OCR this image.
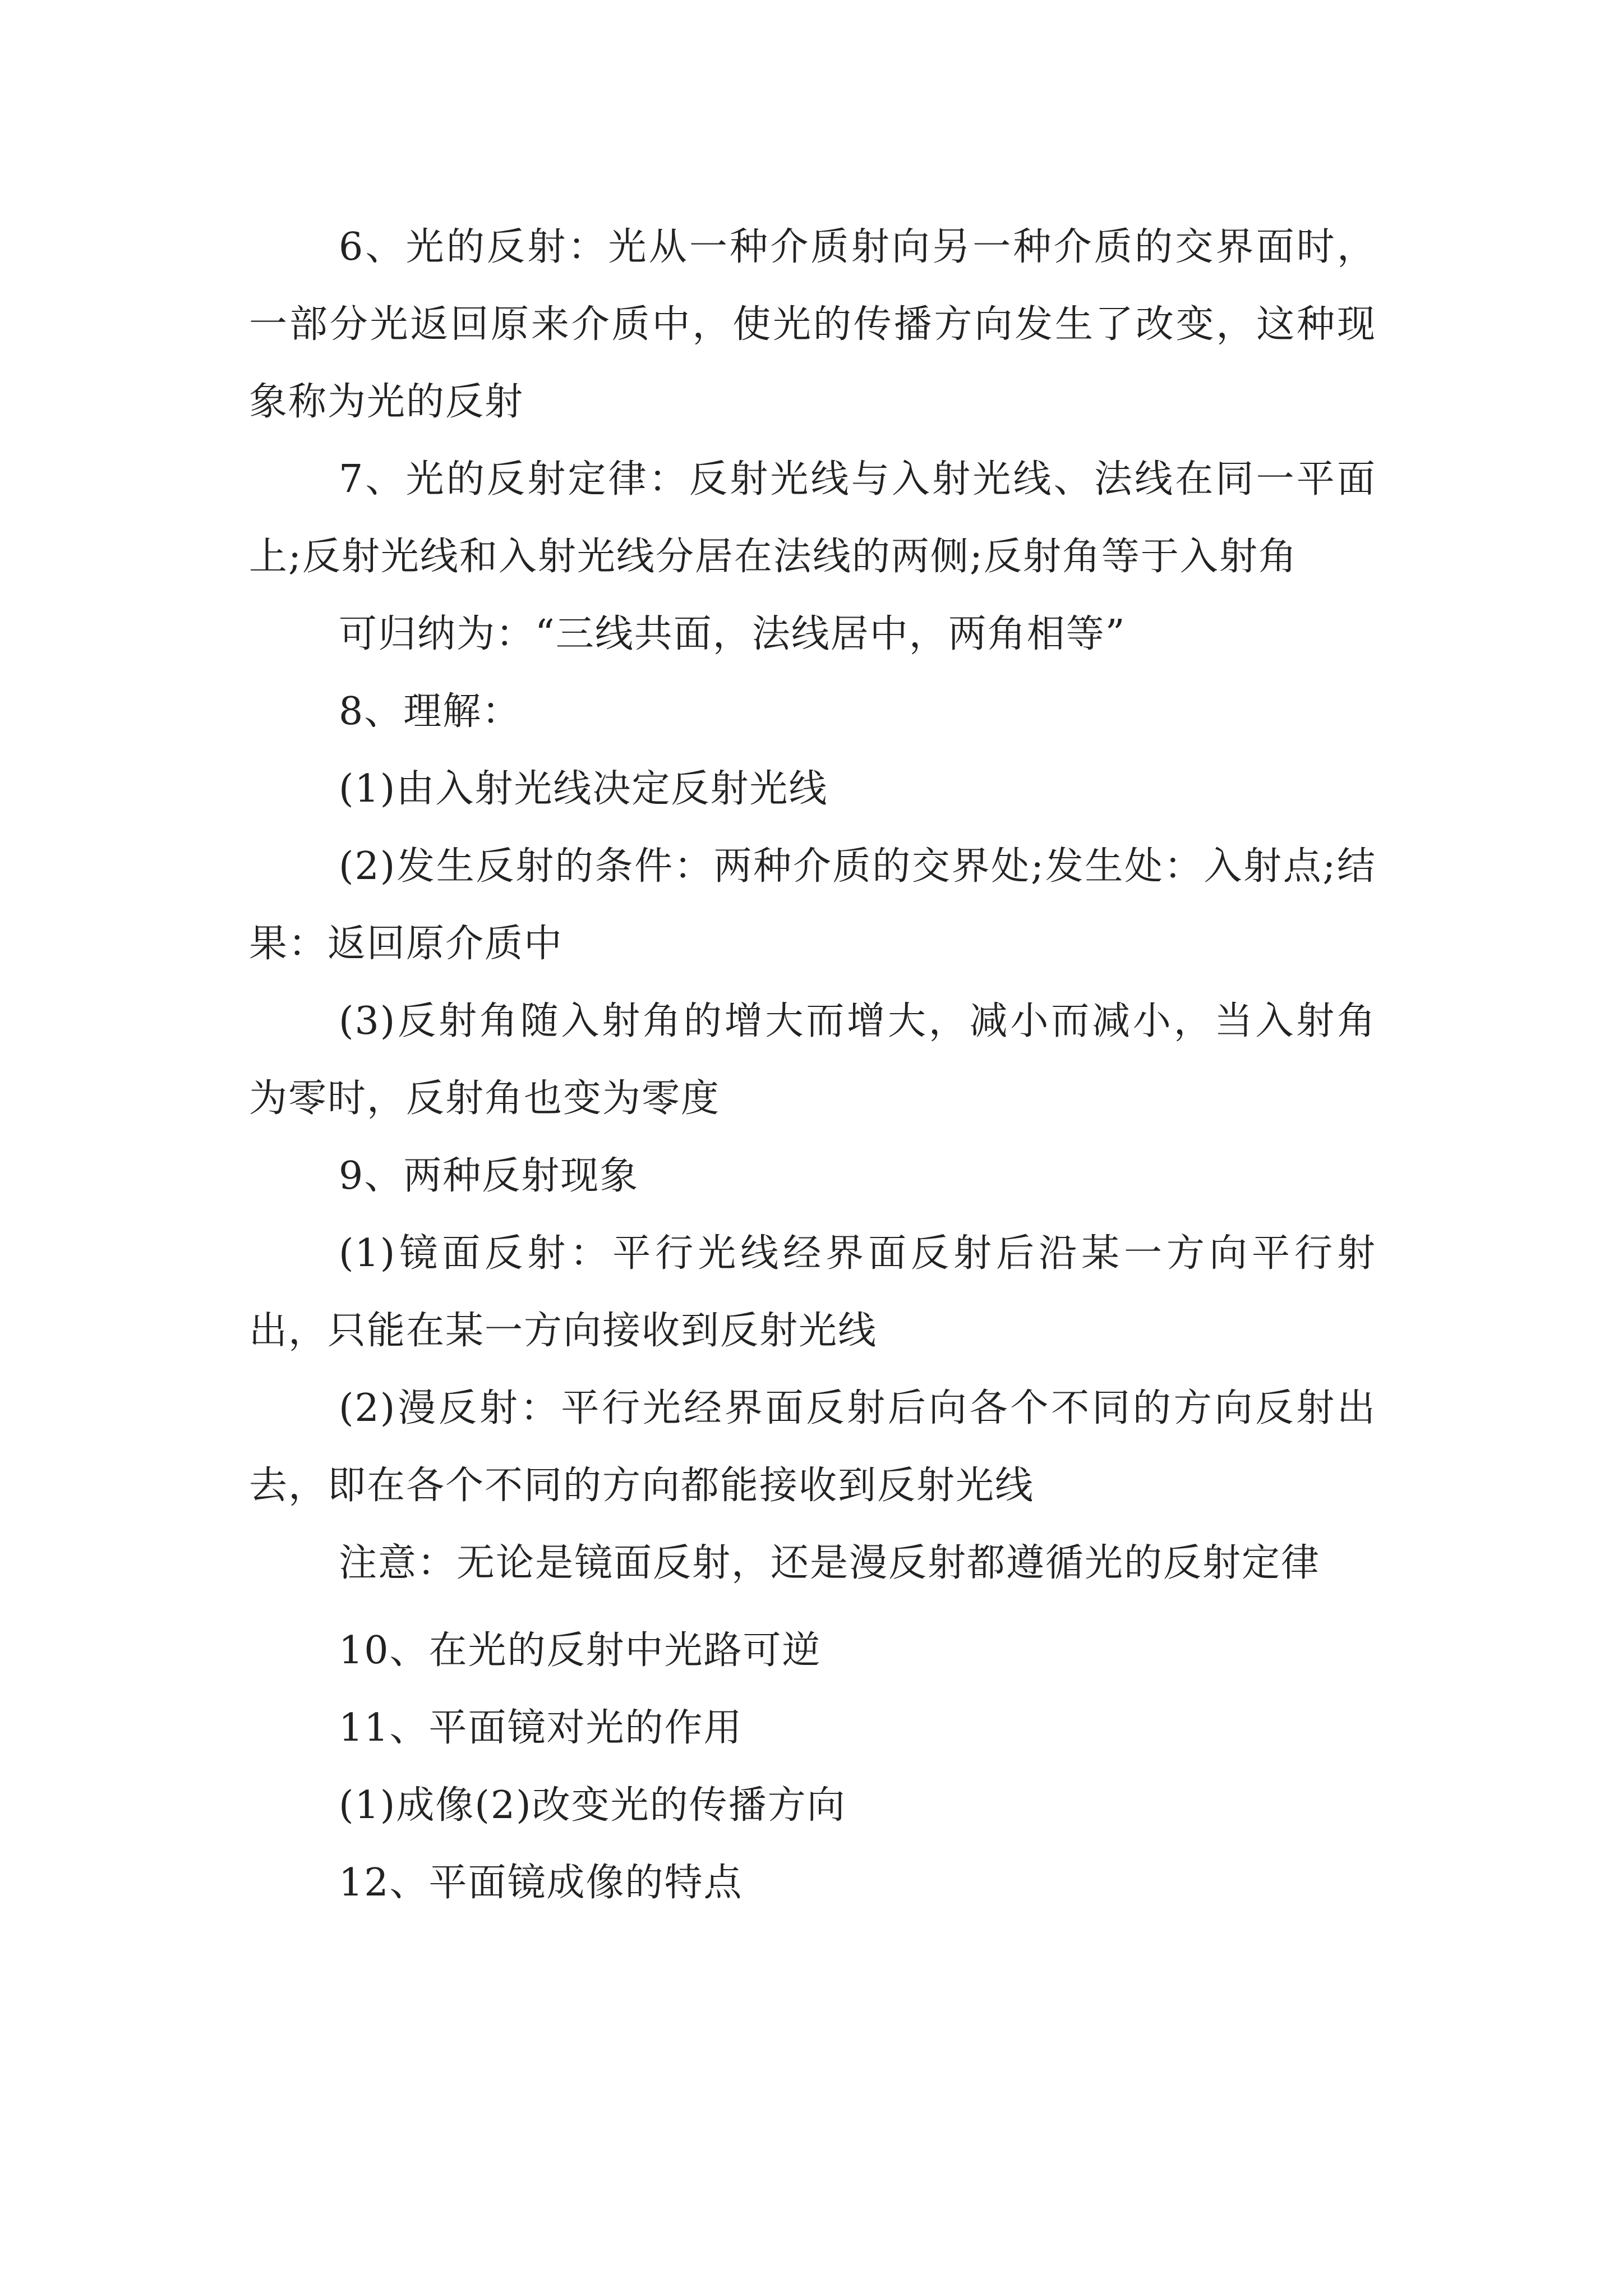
6、光的反射：光从一种介质射向另一种介质的交界面时，一部分光返回原来介质中，使光的传播方向发生了改变，这种现象称为光的反射

7、光的反射定律：反射光线与入射光线、法线在同一平面上;反射光线和入射光线分居在法线的两侧;反射角等于入射角

可归纳为：“三线共面，法线居中，两角相等”

8、理解：

(1)由入射光线决定反射光线

(2)发生反射的条件：两种介质的交界处;发生处：入射点;结果：返回原介质中

(3)反射角随入射角的增大而增大，减小而减小，当入射角为零时，反射角也变为零度

9、两种反射现象

(1)镜面反射：平行光线经界面反射后沿某一方向平行射出，只能在某一方向接收到反射光线

(2)漫反射：平行光经界面反射后向各个不同的方向反射出去，即在各个不同的方向都能接收到反射光线

注意：无论是镜面反射，还是漫反射都遵循光的反射定律

10、在光的反射中光路可逆

11、平面镜对光的作用

(1)成像(2)改变光的传播方向

12、平面镜成像的特点
